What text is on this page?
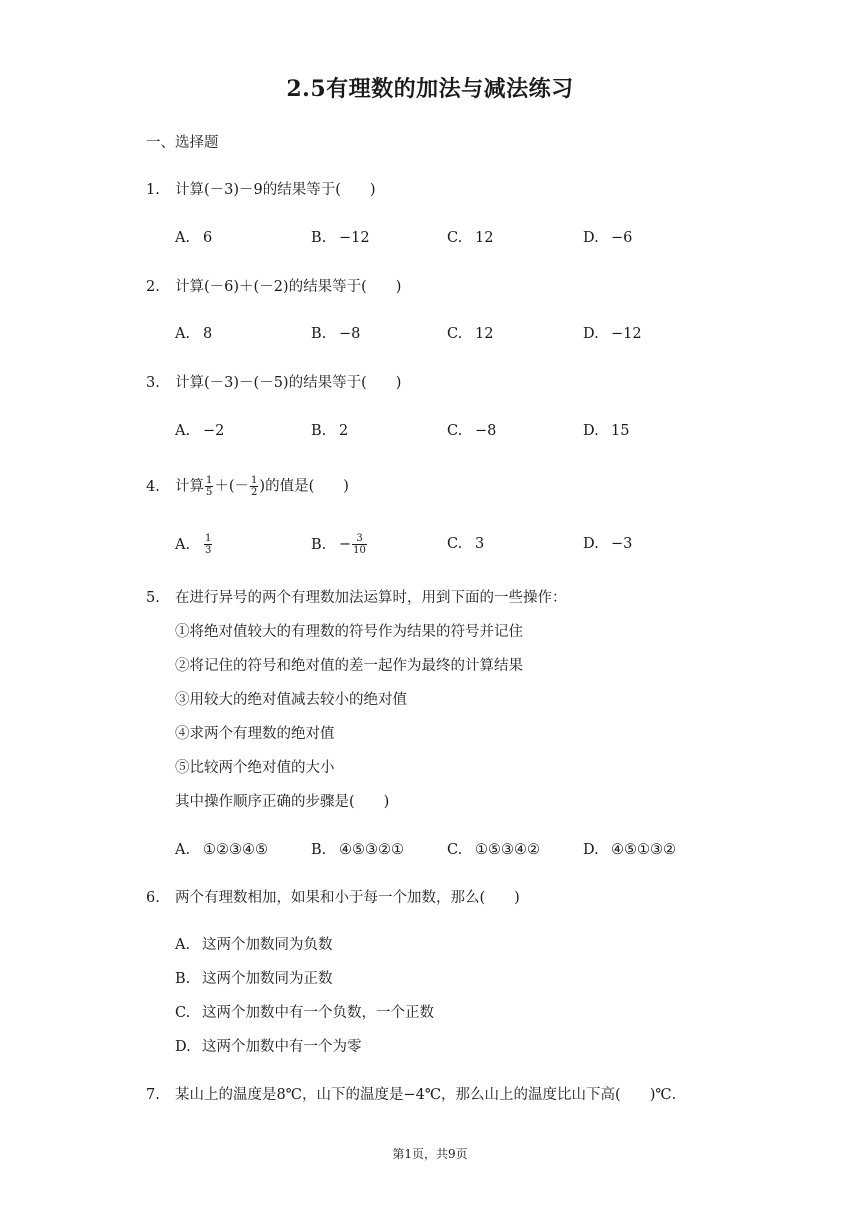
2.5有理数的加法与减法练习
一、选择题
1. 计算(－3)－9的结果等于(　　)
A. 6	B. −12	C. 12	D. −6
2. 计算(－6)＋(－2)的结果等于(　　)
A. 8	B. −8	C. 12	D. −12
3. 计算(－3)－(－5)的结果等于(　　)
A. −2	B. 2	C. −8	D. 15
4. 计算 $\frac{1}{5}$ ＋(－ $\frac{1}{2}$ )的值是(　　)
A. $\frac{1}{3}$	B. − $\frac{3}{10}$	C. 3	D. −3
5. 在进行异号的两个有理数加法运算时，用到下面的一些操作：
①将绝对值较大的有理数的符号作为结果的符号并记住
②将记住的符号和绝对值的差一起作为最终的计算结果
③用较大的绝对值减去较小的绝对值
④求两个有理数的绝对值
⑤比较两个绝对值的大小
其中操作顺序正确的步骤是(　　)
A. ①②③④⑤	B. ④⑤③②①	C. ①⑤③④②	D. ④⑤①③②
6. 两个有理数相加，如果和小于每一个加数，那么(　　)
A. 这两个加数同为负数
B. 这两个加数同为正数
C. 这两个加数中有一个负数，一个正数
D. 这两个加数中有一个为零
7. 某山上的温度是8℃，山下的温度是−4℃，那么山上的温度比山下高(　　)℃.
第1页，共9页
